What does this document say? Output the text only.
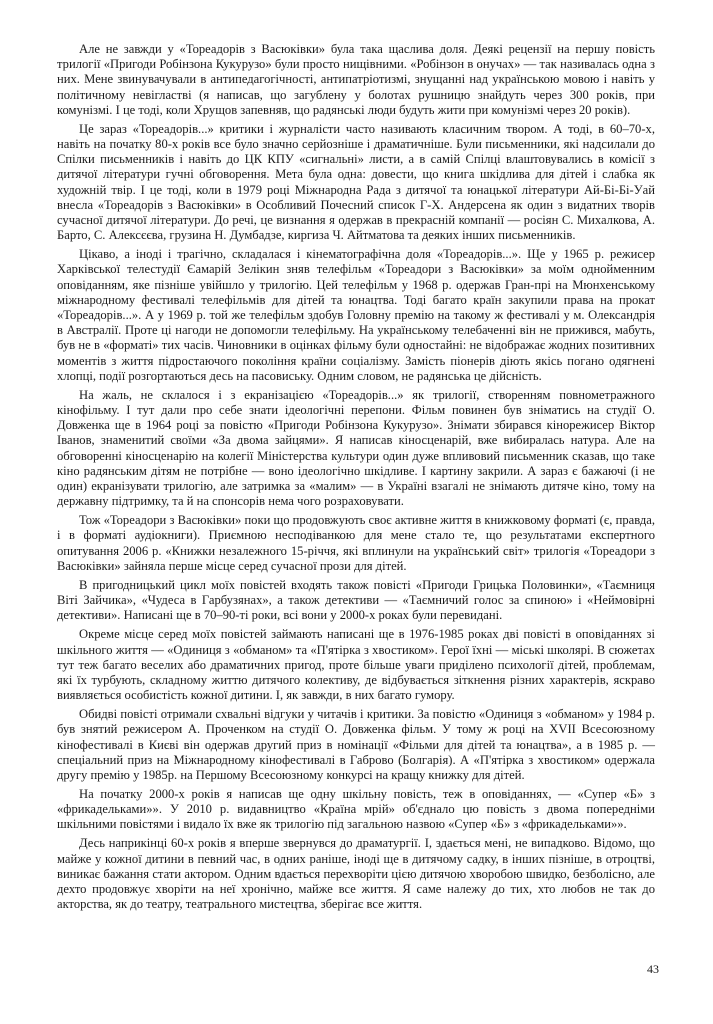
Але не завжди у «Тореадорів з Васюківки» була така щаслива доля. Деякі рецензії на першу повість трилогії «Пригоди Робінзона Кукурузо» були просто нищівними. «Робінзон в онучах» — так називалась одна з них. Мене звинувачували в антипедагогічності, антипатріотизмі, знущанні над українською мовою і навіть у політичному невігластві (я написав, що загублену у болотах рушницю знайдуть через 300 років, при комунізмі. І це тоді, коли Хрущов запевняв, що радянські люди будуть жити при комунізмі через 20 років).

Це зараз «Тореадорів...» критики і журналісти часто називають класичним твором. А тоді, в 60–70-х, навіть на початку 80-х років все було значно серйозніше і драматичніше. Були письменники, які надсилали до Спілки письменників і навіть до ЦК КПУ «сигнальні» листи, а в самій Спілці влаштовувались в комісії з дитячої літератури гучні обговорення. Мета була одна: довести, що книга шкідлива для дітей і слабка як художній твір. І це тоді, коли в 1979 році Міжнародна Рада з дитячої та юнацької літератури Ай-Бі-Бі-Уай внесла «Тореадорів з Васюківки» в Особливий Почесний список Г-Х. Андерсена як один з видатних творів сучасної дитячої літератури. До речі, це визнання я одержав в прекрасній компанії — росіян С. Михалкова, А. Барто, С. Алексєєва, грузина Н. Думбадзе, киргиза Ч. Айтматова та деяких інших письменників.

Цікаво, а іноді і трагічно, складалася і кінематографічна доля «Тореадорів...». Ще у 1965 р. режисер Харківської телестудії Єамарій Зелікин зняв телефільм «Тореадори з Васюківки» за моїм однойменним оповіданням, яке пізніше увійшло у трилогію. Цей телефільм у 1968 р. одержав Гран-прі на Мюнхенському міжнародному фестивалі телефільмів для дітей та юнацтва. Тоді багато країн закупили права на прокат «Тореадорів...». А у 1969 р. той же телефільм здобув Головну премію на такому ж фестивалі у м. Олександрія в Австралії. Проте ці нагоди не допомогли телефільму. На українському телебаченні він не прижився, мабуть, був не в «форматі» тих часів. Чиновники в оцінках фільму були одностайні: не відображає жодних позитивних моментів з життя підростаючого покоління країни соціалізму. Замість піонерів діють якісь погано одягнені хлопці, події розгортаються десь на пасовиську. Одним словом, не радянська це дійсність.

На жаль, не склалося і з екранізацією «Тореадорів...» як трилогії, створенням повнометражного кінофільму. І тут дали про себе знати ідеологічні перепони. Фільм повинен був зніматись на студії О. Довженка ще в 1964 році за повістю «Пригоди Робінзона Кукурузо». Знімати збирався кінорежисер Віктор Іванов, знаменитий своїми «За двома зайцями». Я написав кіносценарій, вже вибиралась натура. Але на обговоренні кіносценарію на колегії Міністерства культури один дуже впливовий письменник сказав, що таке кіно радянським дітям не потрібне — воно ідеологічно шкідливе. І картину закрили. А зараз є бажаючі (і не один) екранізувати трилогію, але затримка за «малим» — в Україні взагалі не знімають дитяче кіно, тому на державну підтримку, та й на спонсорів нема чого розраховувати.

Тож «Тореадори з Васюківки» поки що продовжують своє активне життя в книжковому форматі (є, правда, і в форматі аудіокниги). Приємною несподіванкою для мене стало те, що результатами експертного опитування 2006 р. «Книжки незалежного 15-річчя, які вплинули на український світ» трилогія «Тореадори з Васюківки» зайняла перше місце серед сучасної прози для дітей.

В пригодницький цикл моїх повістей входять також повісті «Пригоди Грицька Половинки», «Таємниця Віті Зайчика», «Чудеса в Гарбузянах», а також детективи — «Таємничий голос за спиною» і «Неймовірні детективи». Написані ще в 70–90-ті роки, всі вони у 2000-х роках були перевидані.

Окреме місце серед моїх повістей займають написані ще в 1976-1985 роках дві повісті в оповіданнях зі шкільного життя — «Одиниця з «обманом» та «П'ятірка з хвостиком». Герої їхні — міські школярі. В сюжетах тут теж багато веселих або драматичних пригод, проте більше уваги приділено психології дітей, проблемам, які їх турбують, складному життю дитячого колективу, де відбувається зіткнення різних характерів, яскраво виявляється особистість кожної дитини. І, як завжди, в них багато гумору.

Обидві повісті отримали схвальні відгуки у читачів і критики. За повістю «Одиниця з «обманом» у 1984 р. був знятий режисером А. Проченком на студії О. Довженка фільм. У тому ж році на XVII Всесоюзному кінофестивалі в Києві він одержав другий приз в номінації «Фільми для дітей та юнацтва», а в 1985 р. — спеціальний приз на Міжнародному кінофестивалі в Габрово (Болгарія). А «П'ятірка з хвостиком» одержала другу премію у 1985р. на Першому Всесоюзному конкурсі на кращу книжку для дітей.

На початку 2000-х років я написав ще одну шкільну повість, теж в оповіданнях, — «Супер «Б» з «фрикадельками»». У 2010 р. видавництво «Країна мрій» об'єднало цю повість з двома попередніми шкільними повістями і видало їх вже як трилогію під загальною назвою «Супер «Б» з «фрикадельками»».

Десь наприкінці 60-х років я вперше звернувся до драматургії. І, здається мені, не випадково. Відомо, що майже у кожної дитини в певний час, в одних раніше, іноді ще в дитячому садку, в інших пізніше, в отроцтві, виникає бажання стати актором. Одним вдається перехворіти цією дитячою хворобою швидко, безболісно, але дехто продовжує хворіти на неї хронічно, майже все життя. Я саме належу до тих, хто любов не так до акторства, як до театру, театрального мистецтва, зберігає все життя.

43
